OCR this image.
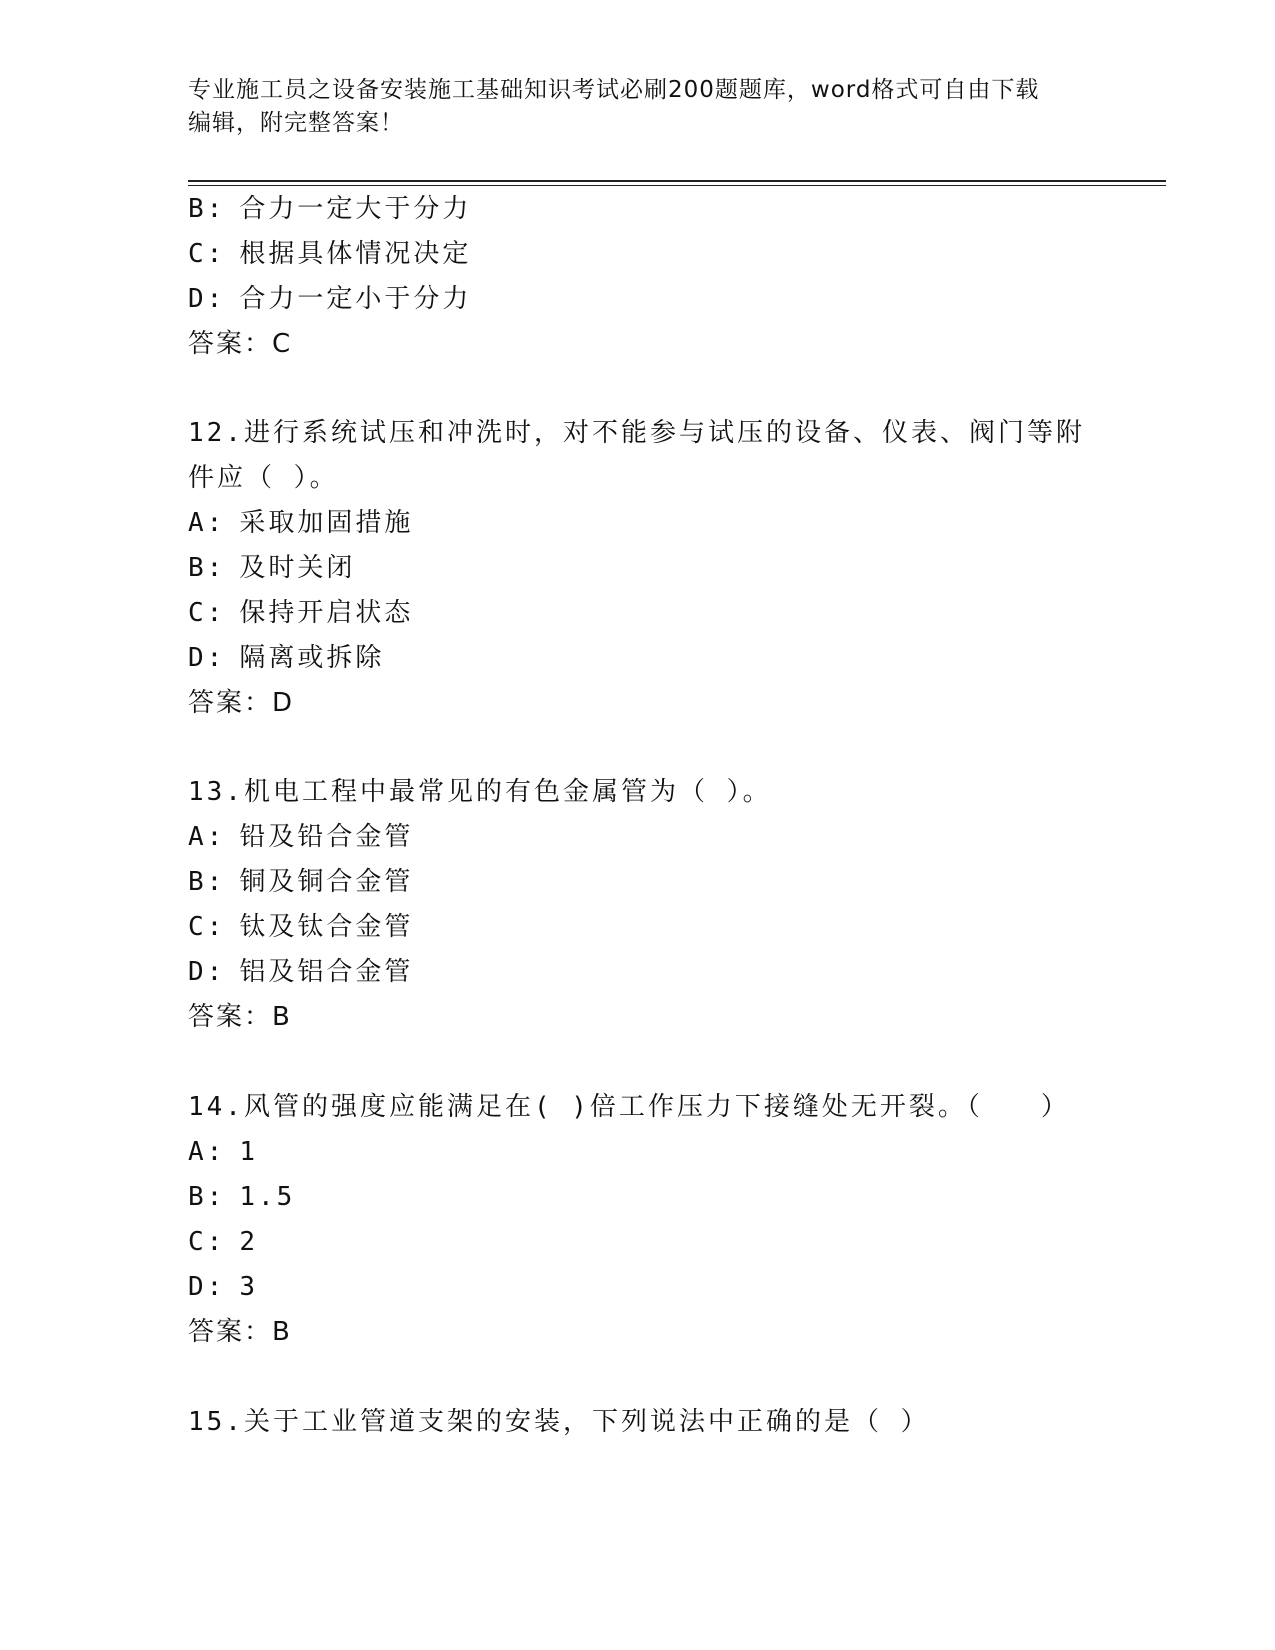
专业施工员之设备安装施工基础知识考试必刷200题题库，word格式可自由下载
编辑，附完整答案！
B: 合力一定大于分力
C: 根据具体情况决定
D: 合力一定小于分力
答案：C
12.进行系统试压和冲洗时，对不能参与试压的设备、仪表、阀门等附
件应（ ）。
A: 采取加固措施
B: 及时关闭
C: 保持开启状态
D: 隔离或拆除
答案：D
13.机电工程中最常见的有色金属管为（ ）。
A: 铅及铅合金管
B: 铜及铜合金管
C: 钛及钛合金管
D: 铝及铝合金管
答案：B
14.风管的强度应能满足在( )倍工作压力下接缝处无开裂。（　　）
A: 1
B: 1.5
C: 2
D: 3
答案：B
15.关于工业管道支架的安装，下列说法中正确的是（ ）
